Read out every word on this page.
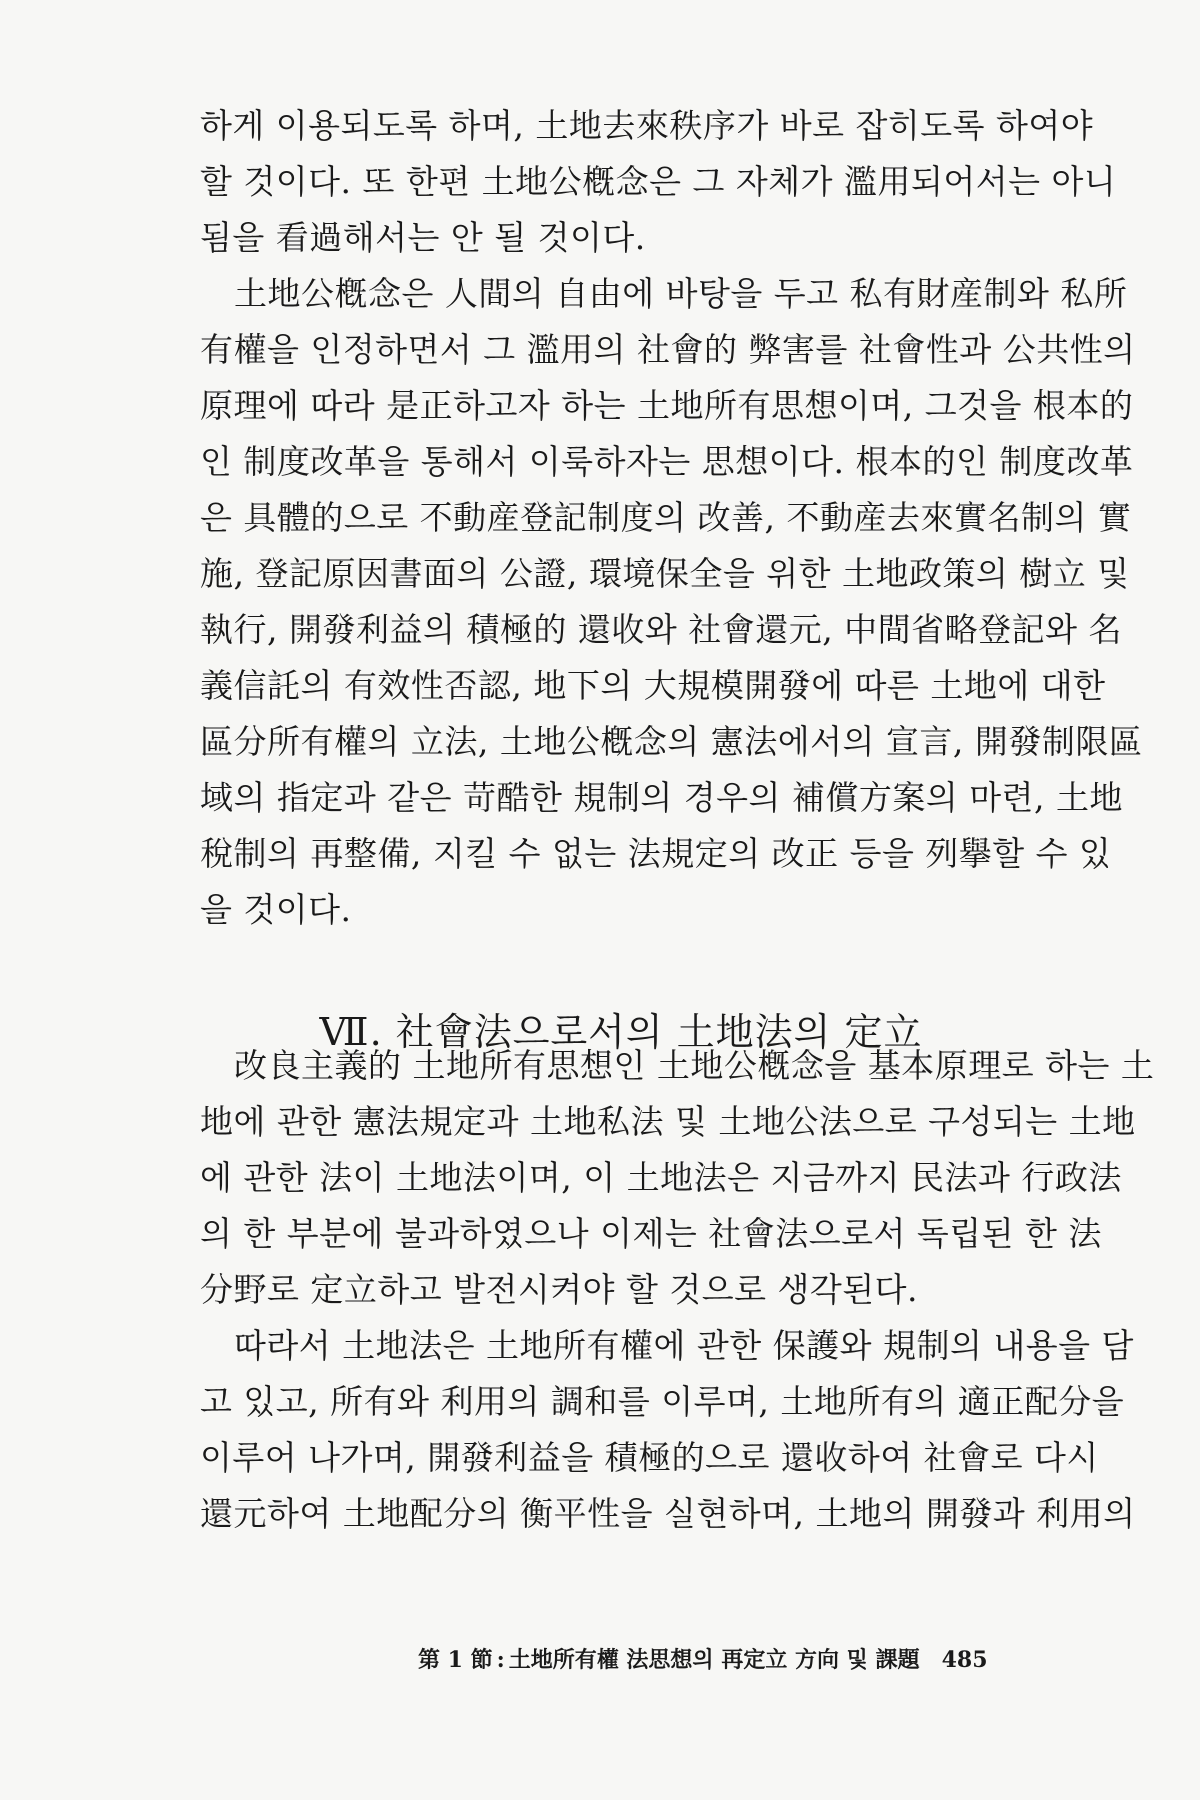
하게 이용되도록 하며, 土地去來秩序가 바로 잡히도록 하여야
할 것이다. 또 한편 土地公槪念은 그 자체가 濫用되어서는 아니
됨을 看過해서는 안 될 것이다.
土地公槪念은 人間의 自由에 바탕을 두고 私有財産制와 私所
有權을 인정하면서 그 濫用의 社會的 弊害를 社會性과 公共性의
原理에 따라 是正하고자 하는 土地所有思想이며, 그것을 根本的
인 制度改革을 통해서 이룩하자는 思想이다. 根本的인 制度改革
은 具體的으로 不動産登記制度의 改善, 不動産去來實名制의 實
施, 登記原因書面의 公證, 環境保全을 위한 土地政策의 樹立 및
執行, 開發利益의 積極的 還收와 社會還元, 中間省略登記와 名
義信託의 有效性否認, 地下의 大規模開發에 따른 土地에 대한
區分所有權의 立法, 土地公槪念의 憲法에서의 宣言, 開發制限區
域의 指定과 같은 苛酷한 規制의 경우의 補償方案의 마련, 土地
稅制의 再整備, 지킬 수 없는 法規定의 改正 등을 列擧할 수 있
을 것이다.
Ⅶ. 社會法으로서의 土地法의 定立
改良主義的 土地所有思想인 土地公槪念을 基本原理로 하는 土
地에 관한 憲法規定과 土地私法 및 土地公法으로 구성되는 土地
에 관한 法이 土地法이며, 이 土地法은 지금까지 民法과 行政法
의 한 부분에 불과하였으나 이제는 社會法으로서 독립된 한 法
分野로 定立하고 발전시켜야 할 것으로 생각된다.
따라서 土地法은 土地所有權에 관한 保護와 規制의 내용을 담
고 있고, 所有와 利用의 調和를 이루며, 土地所有의 適正配分을
이루어 나가며, 開發利益을 積極的으로 還收하여 社會로 다시
還元하여 土地配分의 衡平性을 실현하며, 土地의 開發과 利用의
第 1 節 : 土地所有權 法思想의 再定立 方向 및 課題 485
